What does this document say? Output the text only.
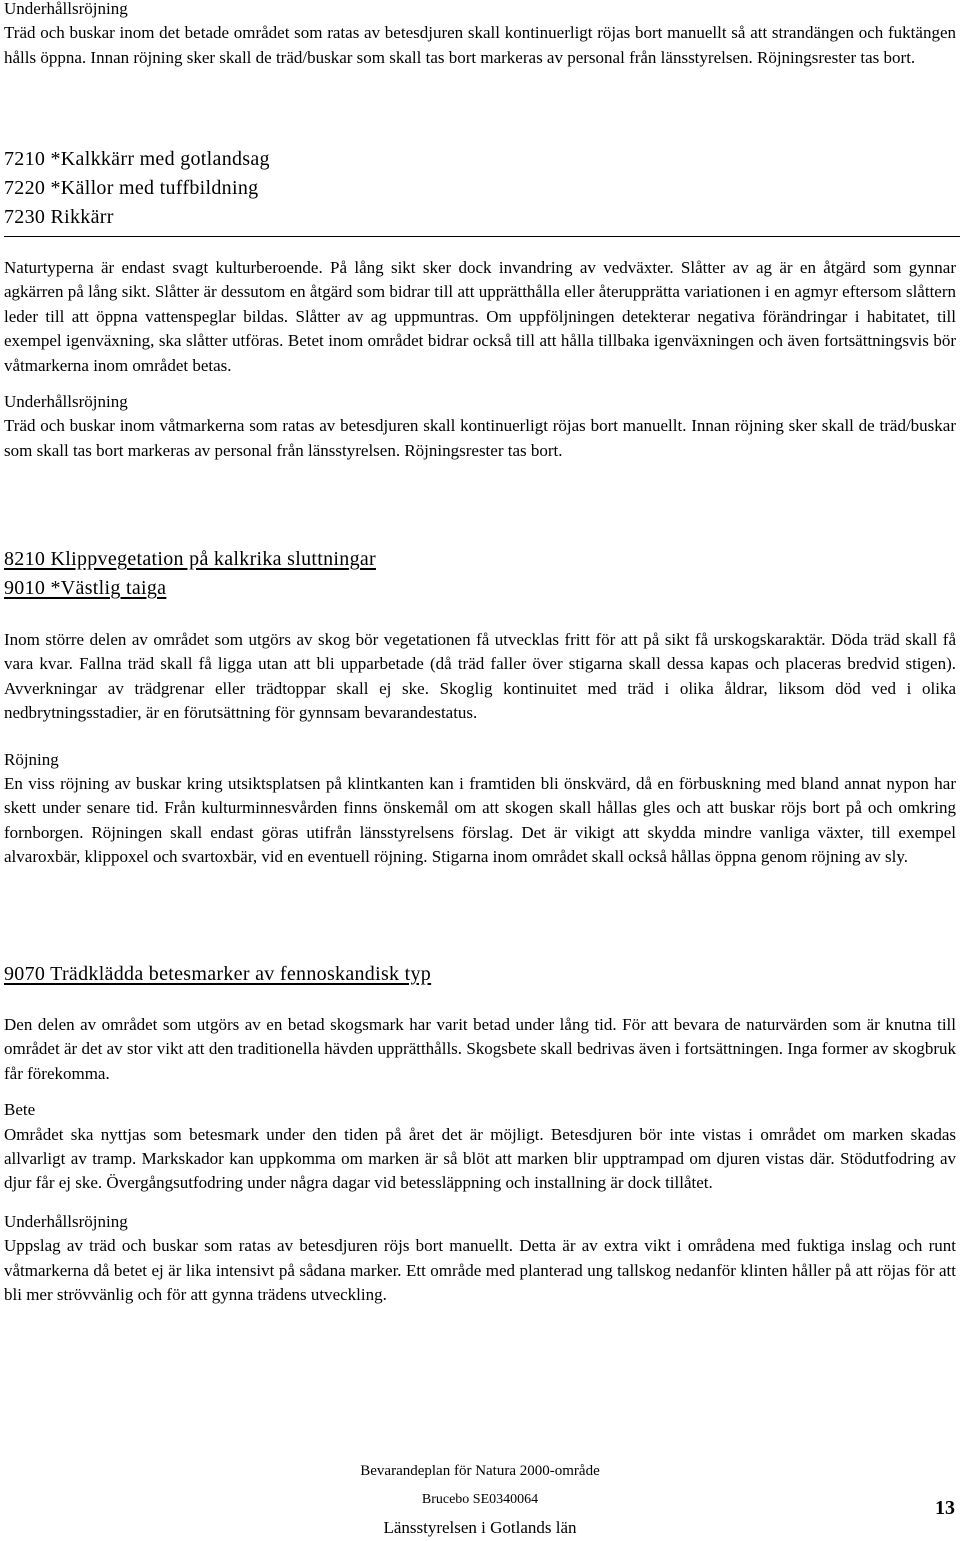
Underhållsröjning

Träd och buskar inom det betade området som ratas av betesdjuren skall kontinuerligt röjas bort manuellt så att strandängen och fuktängen hålls öppna. Innan röjning sker skall de träd/buskar som skall tas bort markeras av personal från länsstyrelsen. Röjningsrester tas bort.

7210 *Kalkkärr med gotlandsag
7220 *Källor med tuffbildning
7230 Rikkärr

Naturtyperna är endast svagt kulturberoende. På lång sikt sker dock invandring av vedväxter. Slåtter av ag är en åtgärd som gynnar agkärren på lång sikt. Slåtter är dessutom en åtgärd som bidrar till att upprätthålla eller återupprätta variationen i en agmyr eftersom slåttern leder till att öppna vattenspeglar bildas. Slåtter av ag uppmuntras. Om uppföljningen detekterar negativa förändringar i habitatet, till exempel igenväxning, ska slåtter utföras. Betet inom området bidrar också till att hålla tillbaka igenväxningen och även fortsättningsvis bör våtmarkerna inom området betas.

Underhållsröjning

Träd och buskar inom våtmarkerna som ratas av betesdjuren skall kontinuerligt röjas bort manuellt. Innan röjning sker skall de träd/buskar som skall tas bort markeras av personal från länsstyrelsen. Röjningsrester tas bort.

8210 Klippvegetation på kalkrika sluttningar
9010 *Västlig taiga

Inom större delen av området som utgörs av skog bör vegetationen få utvecklas fritt för att på sikt få urskogskaraktär. Döda träd skall få vara kvar. Fallna träd skall få ligga utan att bli upparbetade (då träd faller över stigarna skall dessa kapas och placeras bredvid stigen). Avverkningar av trädgrenar eller trädtoppar skall ej ske. Skoglig kontinuitet med träd i olika åldrar, liksom död ved i olika nedbrytningsstadier, är en förutsättning för gynnsam bevarandestatus.

Röjning

En viss röjning av buskar kring utsiktsplatsen på klintkanten kan i framtiden bli önskvärd, då en förbuskning med bland annat nypon har skett under senare tid. Från kulturminnesvården finns önskemål om att skogen skall hållas gles och att buskar röjs bort på och omkring fornborgen. Röjningen skall endast göras utifrån länsstyrelsens förslag. Det är vikigt att skydda mindre vanliga växter, till exempel alvaroxbär, klippoxel och svartoxbär, vid en eventuell röjning. Stigarna inom området skall också hållas öppna genom röjning av sly.

9070 Trädklädda betesmarker av fennoskandisk typ

Den delen av området som utgörs av en betad skogsmark har varit betad under lång tid. För att bevara de naturvärden som är knutna till området är det av stor vikt att den traditionella hävden upprätthålls. Skogsbete skall bedrivas även i fortsättningen. Inga former av skogbruk får förekomma.

Bete

Området ska nyttjas som betesmark under den tiden på året det är möjligt. Betesdjuren bör inte vistas i området om marken skadas allvarligt av tramp. Markskador kan uppkomma om marken är så blöt att marken blir upptrampad om djuren vistas där. Stödutfodring av djur får ej ske. Övergångsutfodring under några dagar vid betessläppning och installning är dock tillåtet.

Underhållsröjning

Uppslag av träd och buskar som ratas av betesdjuren röjs bort manuellt. Detta är av extra vikt i områdena med fuktiga inslag och runt våtmarkerna då betet ej är lika intensivt på sådana marker. Ett område med planterad ung tallskog nedanför klinten håller på att röjas för att bli mer strövvänlig och för att gynna trädens utveckling.

Bevarandeplan för Natura 2000-område
Brucebo SE0340064
Länsstyrelsen i Gotlands län
13
